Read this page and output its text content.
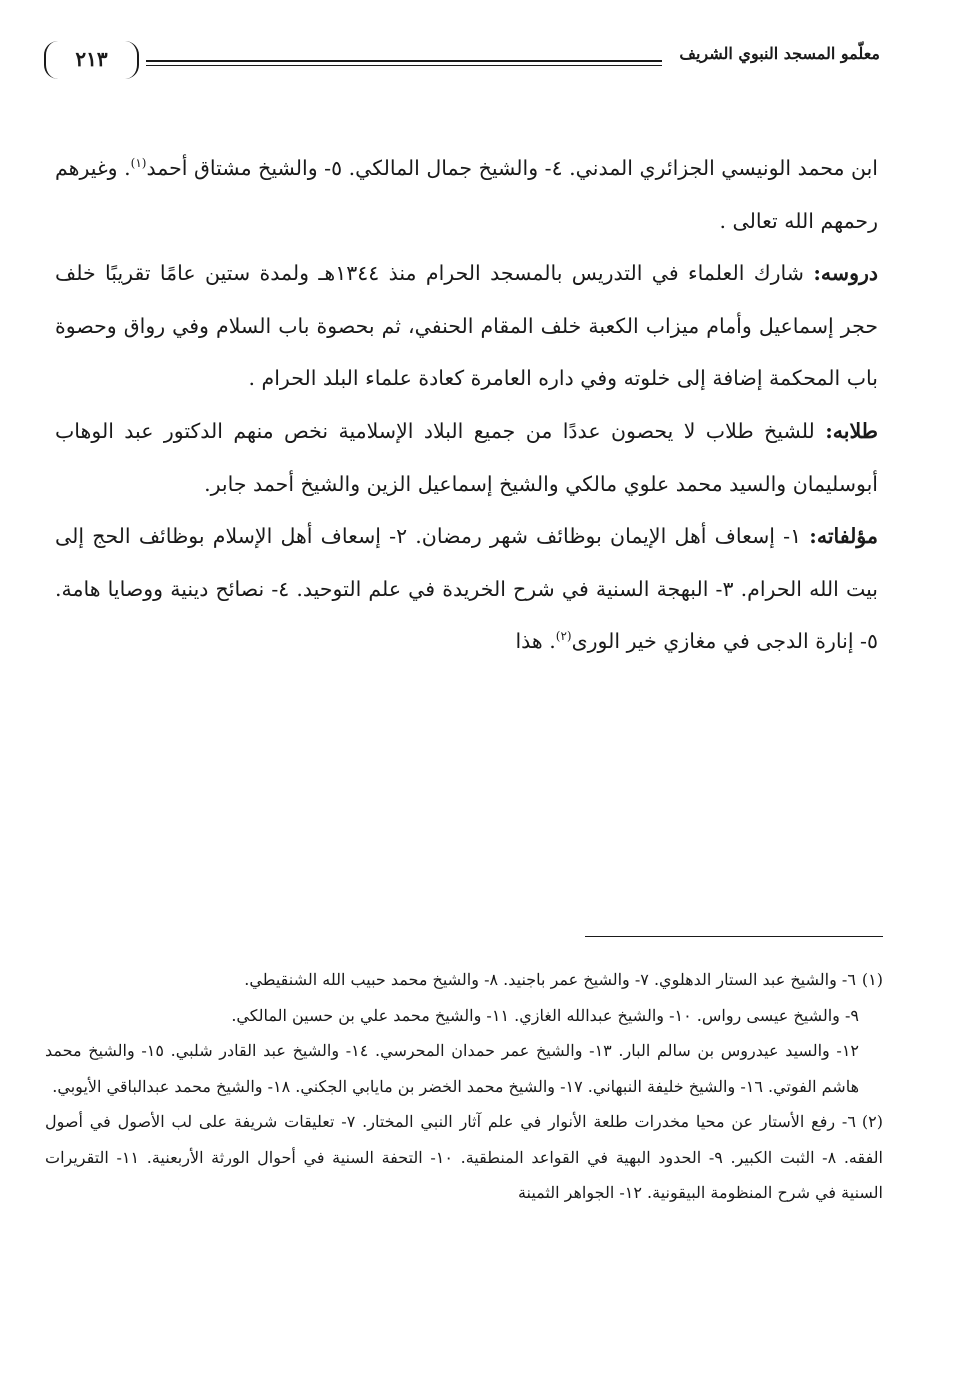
معلّمو المسجد النبوي الشريف
٢١٣

ابن محمد الونيسي الجزائري المدني. ٤- والشيخ جمال المالكي. ٥- والشيخ مشتاق أحمد$^{(١)}$. وغيرهم رحمهم الله تعالى .

دروسه: شارك العلماء في التدريس بالمسجد الحرام منذ ١٣٤٤هـ ولمدة ستين عامًا تقريبًا خلف حجر إسماعيل وأمام ميزاب الكعبة خلف المقام الحنفي، ثم بحصوة باب السلام وفي رواق وحصوة باب المحكمة إضافة إلى خلوته وفي داره العامرة كعادة علماء البلد الحرام .

طلابه: للشيخ طلاب لا يحصون عددًا من جميع البلاد الإسلامية نخص منهم الدكتور عبد الوهاب أبوسليمان والسيد محمد علوي مالكي والشيخ إسماعيل الزين والشيخ أحمد جابر.

مؤلفاته: ١- إسعاف أهل الإيمان بوظائف شهر رمضان. ٢- إسعاف أهل الإسلام بوظائف الحج إلى بيت الله الحرام. ٣- البهجة السنية في شرح الخريدة في علم التوحيد. ٤- نصائح دينية ووصايا هامة. ٥- إنارة الدجى في مغازي خير الورى$^{(٢)}$. هذا

(١)٦- والشيخ عبد الستار الدهلوي. ٧- والشيخ عمر باجنيد. ٨- والشيخ محمد حبيب الله الشنقيطي.

٩- والشيخ عيسى رواس. ١٠- والشيخ عبدالله الغازي. ١١- والشيخ محمد علي بن حسين المالكي.

١٢- والسيد عيدروس بن سالم البار. ١٣- والشيخ عمر حمدان المحرسي. ١٤- والشيخ عبد القادر شلبي. ١٥- والشيخ محمد هاشم الفوتي. ١٦- والشيخ خليفة النبهاني. ١٧- والشيخ محمد الخضر بن مايابي الجكني. ١٨- والشيخ محمد عبدالباقي الأيوبي.

(٢)٦- رفع الأستار عن محيا مخدرات طلعة الأنوار في علم آثار النبي المختار. ٧- تعليقات شريفة على لب الأصول في أصول الفقه. ٨- الثبت الكبير. ٩- الحدود البهية في القواعد المنطقية. ١٠- التحفة السنية في أحوال الورثة الأربعنية. ١١- التقريرات السنية في شرح المنظومة البيقونية. ١٢- الجواهر الثمينة
